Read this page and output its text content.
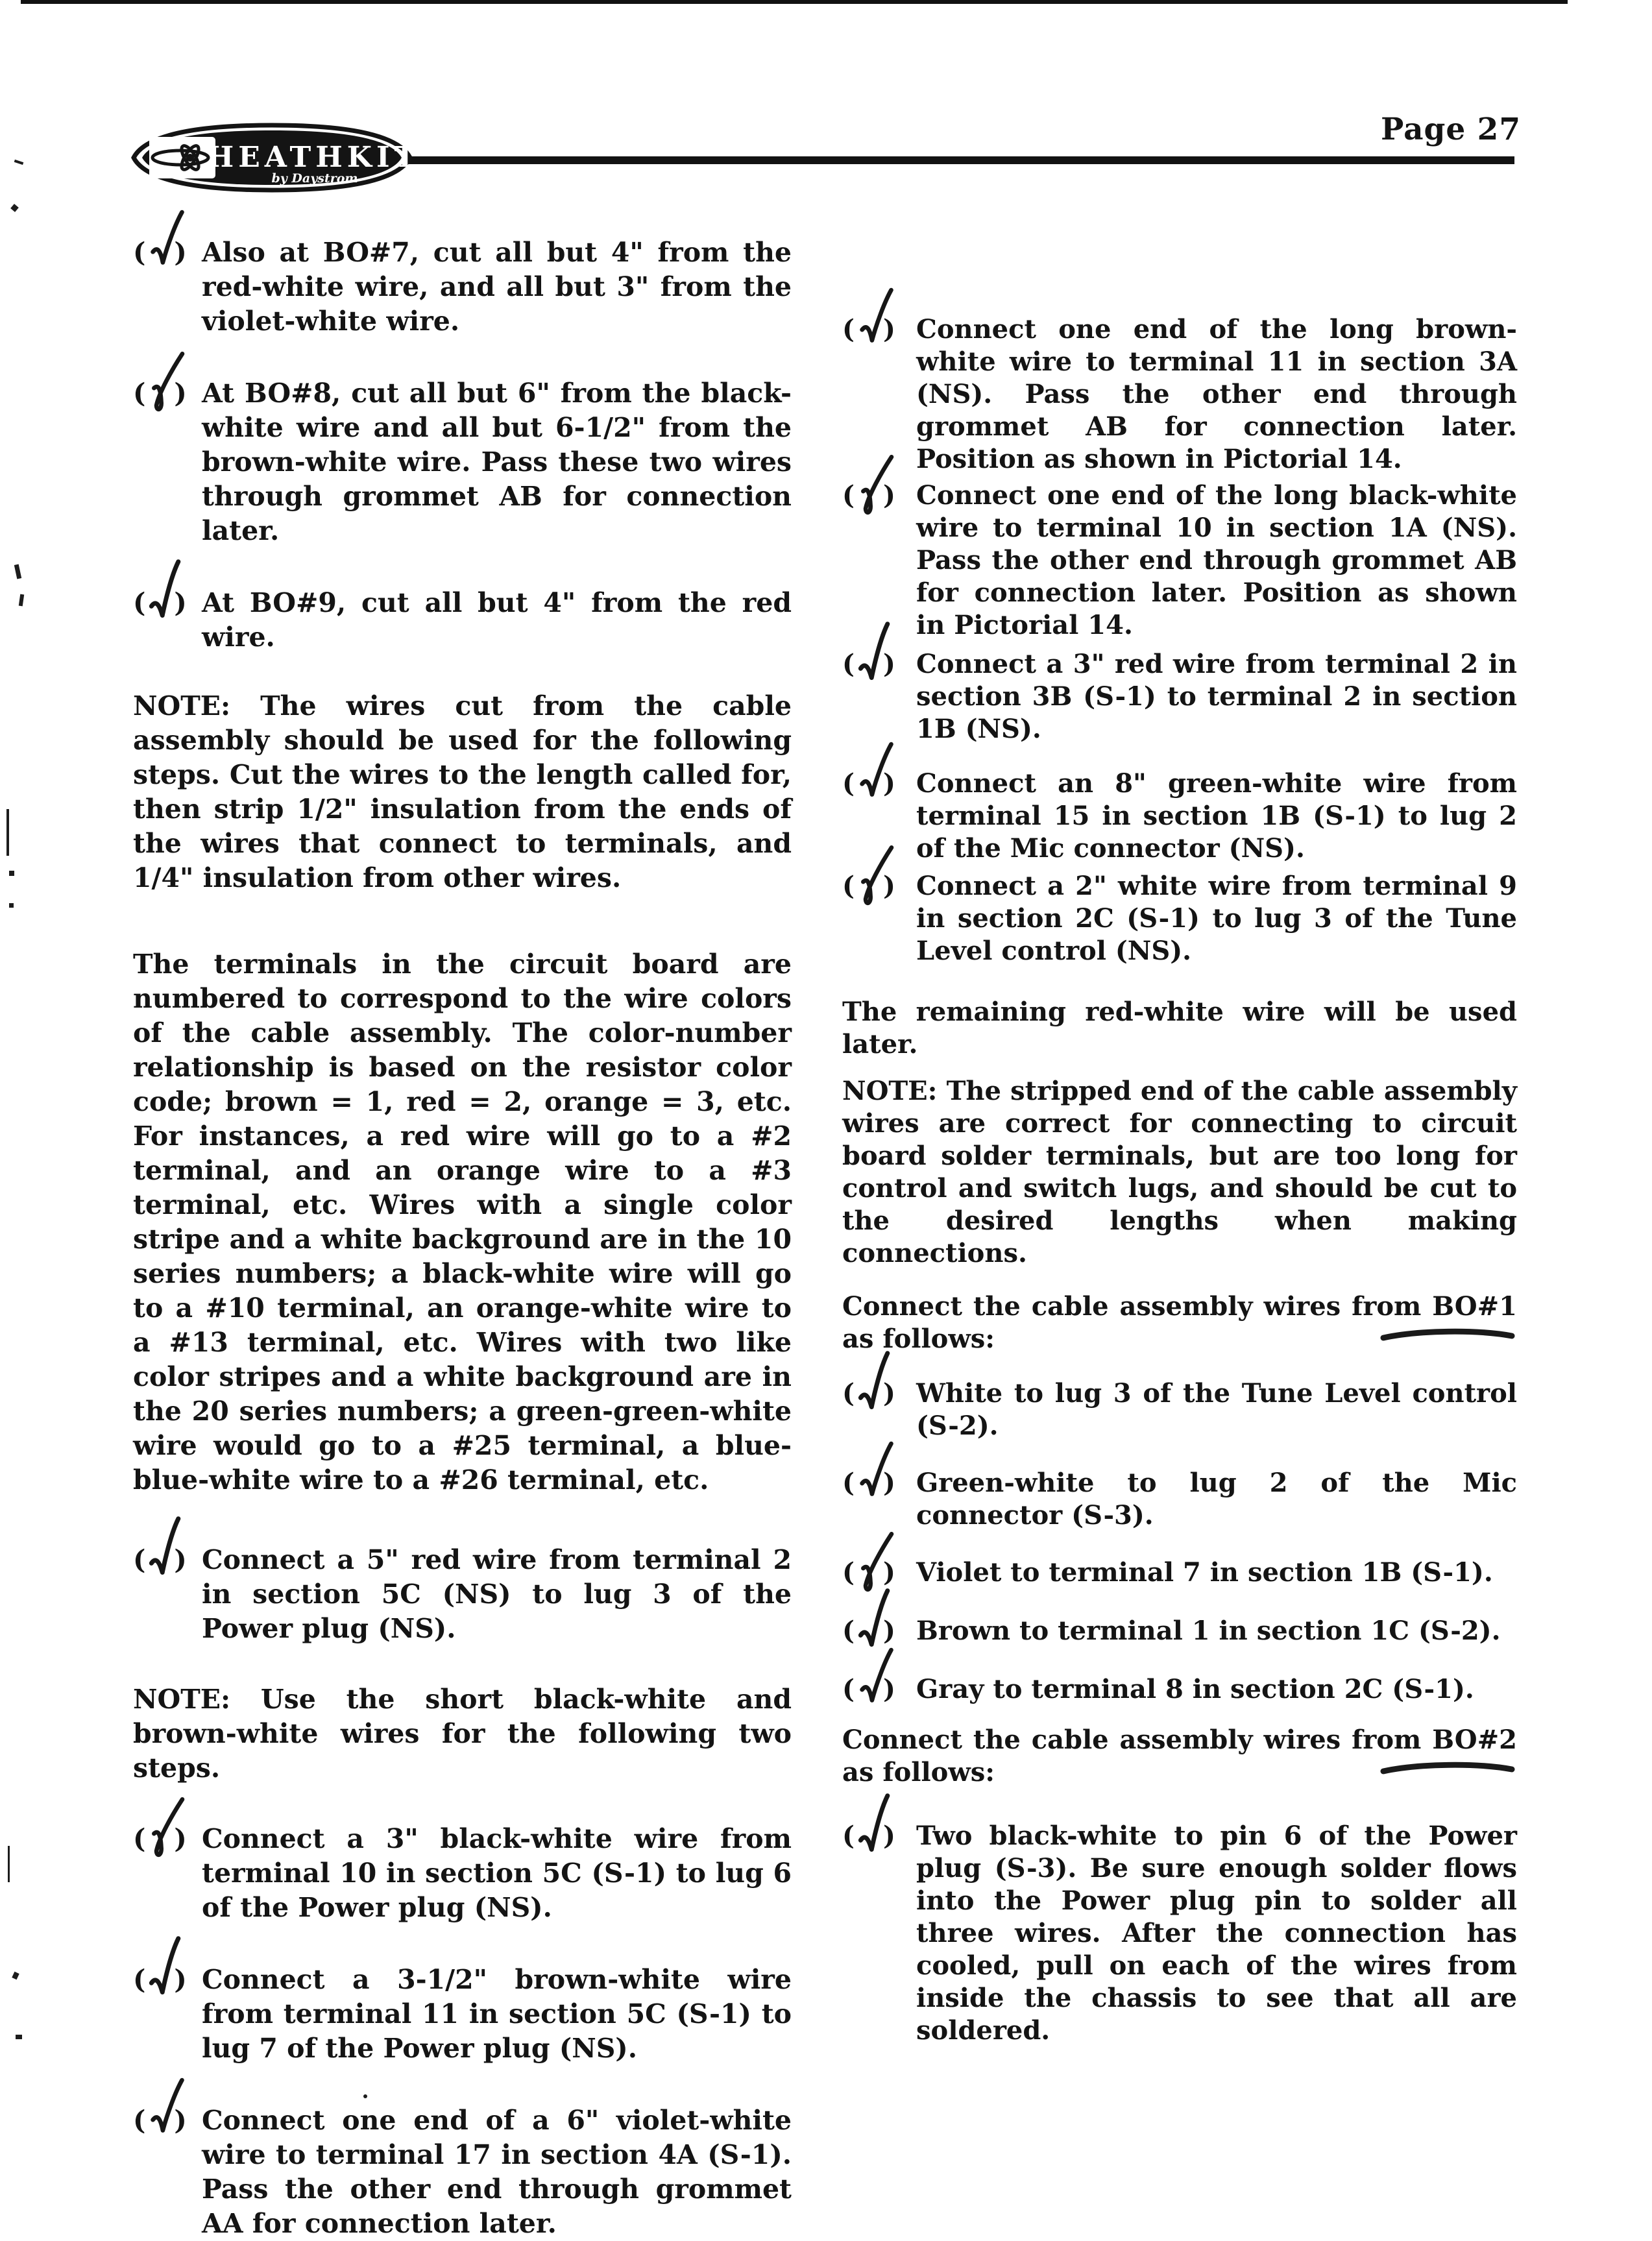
Page 27
HEATHKIT
by Daystrom
( ) Also at BO#7, cut all but 4" from the red-white wire, and all but 3" from the violet-white wire.
( ) At BO#8, cut all but 6" from the black-white wire and all but 6-1/2" from the brown-white wire. Pass these two wires through grommet AB for connection later.
( ) At BO#9, cut all but 4" from the red wire.
NOTE: The wires cut from the cable assembly should be used for the following steps. Cut the wires to the length called for, then strip 1/2" insulation from the ends of the wires that connect to terminals, and 1/4" insulation from other wires.
The terminals in the circuit board are numbered to correspond to the wire colors of the cable assembly. The color-number relationship is based on the resistor color code; brown = 1, red = 2, orange = 3, etc. For instances, a red wire will go to a #2 terminal, and an orange wire to a #3 terminal, etc. Wires with a single color stripe and a white background are in the 10 series numbers; a black-white wire will go to a #10 terminal, an orange-white wire to a #13 terminal, etc. Wires with two like color stripes and a white background are in the 20 series numbers; a green-green-white wire would go to a #25 terminal, a blue-blue-white wire to a #26 terminal, etc.
( ) Connect a 5" red wire from terminal 2 in section 5C (NS) to lug 3 of the Power plug (NS).
NOTE: Use the short black-white and brown-white wires for the following two steps.
( ) Connect a 3" black-white wire from terminal 10 in section 5C (S-1) to lug 6 of the Power plug (NS).
( ) Connect a 3-1/2" brown-white wire from terminal 11 in section 5C (S-1) to lug 7 of the Power plug (NS).
( ) Connect one end of a 6" violet-white wire to terminal 17 in section 4A (S-1). Pass the other end through grommet AA for connection later.
( ) Connect one end of the long brown-white wire to terminal 11 in section 3A (NS). Pass the other end through grommet AB for connection later. Position as shown in Pictorial 14.
( ) Connect one end of the long black-white wire to terminal 10 in section 1A (NS). Pass the other end through grommet AB for connection later. Position as shown in Pictorial 14.
( ) Connect a 3" red wire from terminal 2 in section 3B (S-1) to terminal 2 in section 1B (NS).
( ) Connect an 8" green-white wire from terminal 15 in section 1B (S-1) to lug 2 of the Mic connector (NS).
( ) Connect a 2" white wire from terminal 9 in section 2C (S-1) to lug 3 of the Tune Level control (NS).
The remaining red-white wire will be used later.
NOTE: The stripped end of the cable assembly wires are correct for connecting to circuit board solder terminals, but are too long for control and switch lugs, and should be cut to the desired lengths when making connections.
Connect the cable assembly wires from BO#1 as follows:
( ) White to lug 3 of the Tune Level control (S-2).
( ) Green-white to lug 2 of the Mic connector (S-3).
( ) Violet to terminal 7 in section 1B (S-1).
( ) Brown to terminal 1 in section 1C (S-2).
( ) Gray to terminal 8 in section 2C (S-1).
Connect the cable assembly wires from BO#2 as follows:
( ) Two black-white to pin 6 of the Power plug (S-3). Be sure enough solder flows into the Power plug pin to solder all three wires. After the connection has cooled, pull on each of the wires from inside the chassis to see that all are soldered.
